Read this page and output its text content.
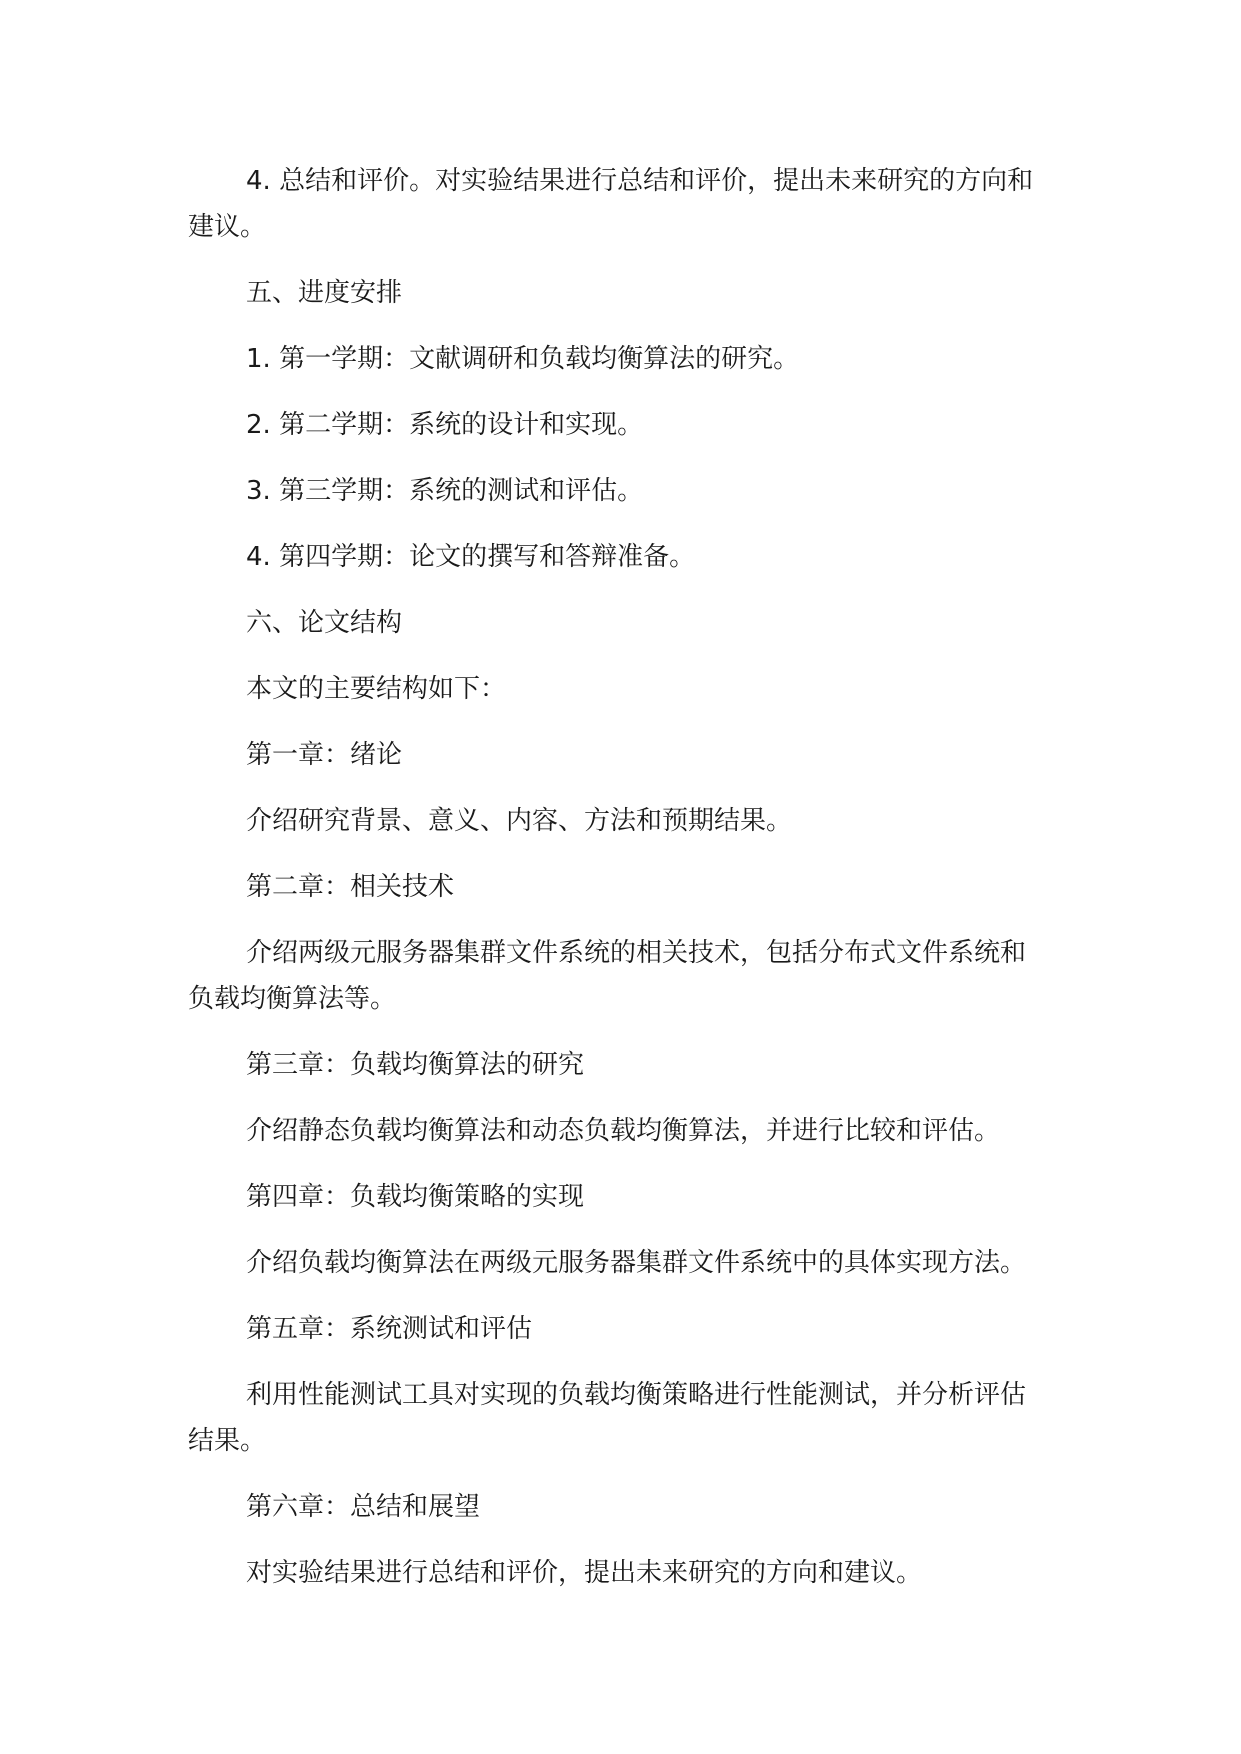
4. 总结和评价。对实验结果进行总结和评价，提出未来研究的方向和建议。

五、进度安排

1. 第一学期：文献调研和负载均衡算法的研究。

2. 第二学期：系统的设计和实现。

3. 第三学期：系统的测试和评估。

4. 第四学期：论文的撰写和答辩准备。

六、论文结构

本文的主要结构如下：

第一章：绪论

介绍研究背景、意义、内容、方法和预期结果。

第二章：相关技术

介绍两级元服务器集群文件系统的相关技术，包括分布式文件系统和负载均衡算法等。

第三章：负载均衡算法的研究

介绍静态负载均衡算法和动态负载均衡算法，并进行比较和评估。

第四章：负载均衡策略的实现

介绍负载均衡算法在两级元服务器集群文件系统中的具体实现方法。

第五章：系统测试和评估

利用性能测试工具对实现的负载均衡策略进行性能测试，并分析评估结果。

第六章：总结和展望

对实验结果进行总结和评价，提出未来研究的方向和建议。
